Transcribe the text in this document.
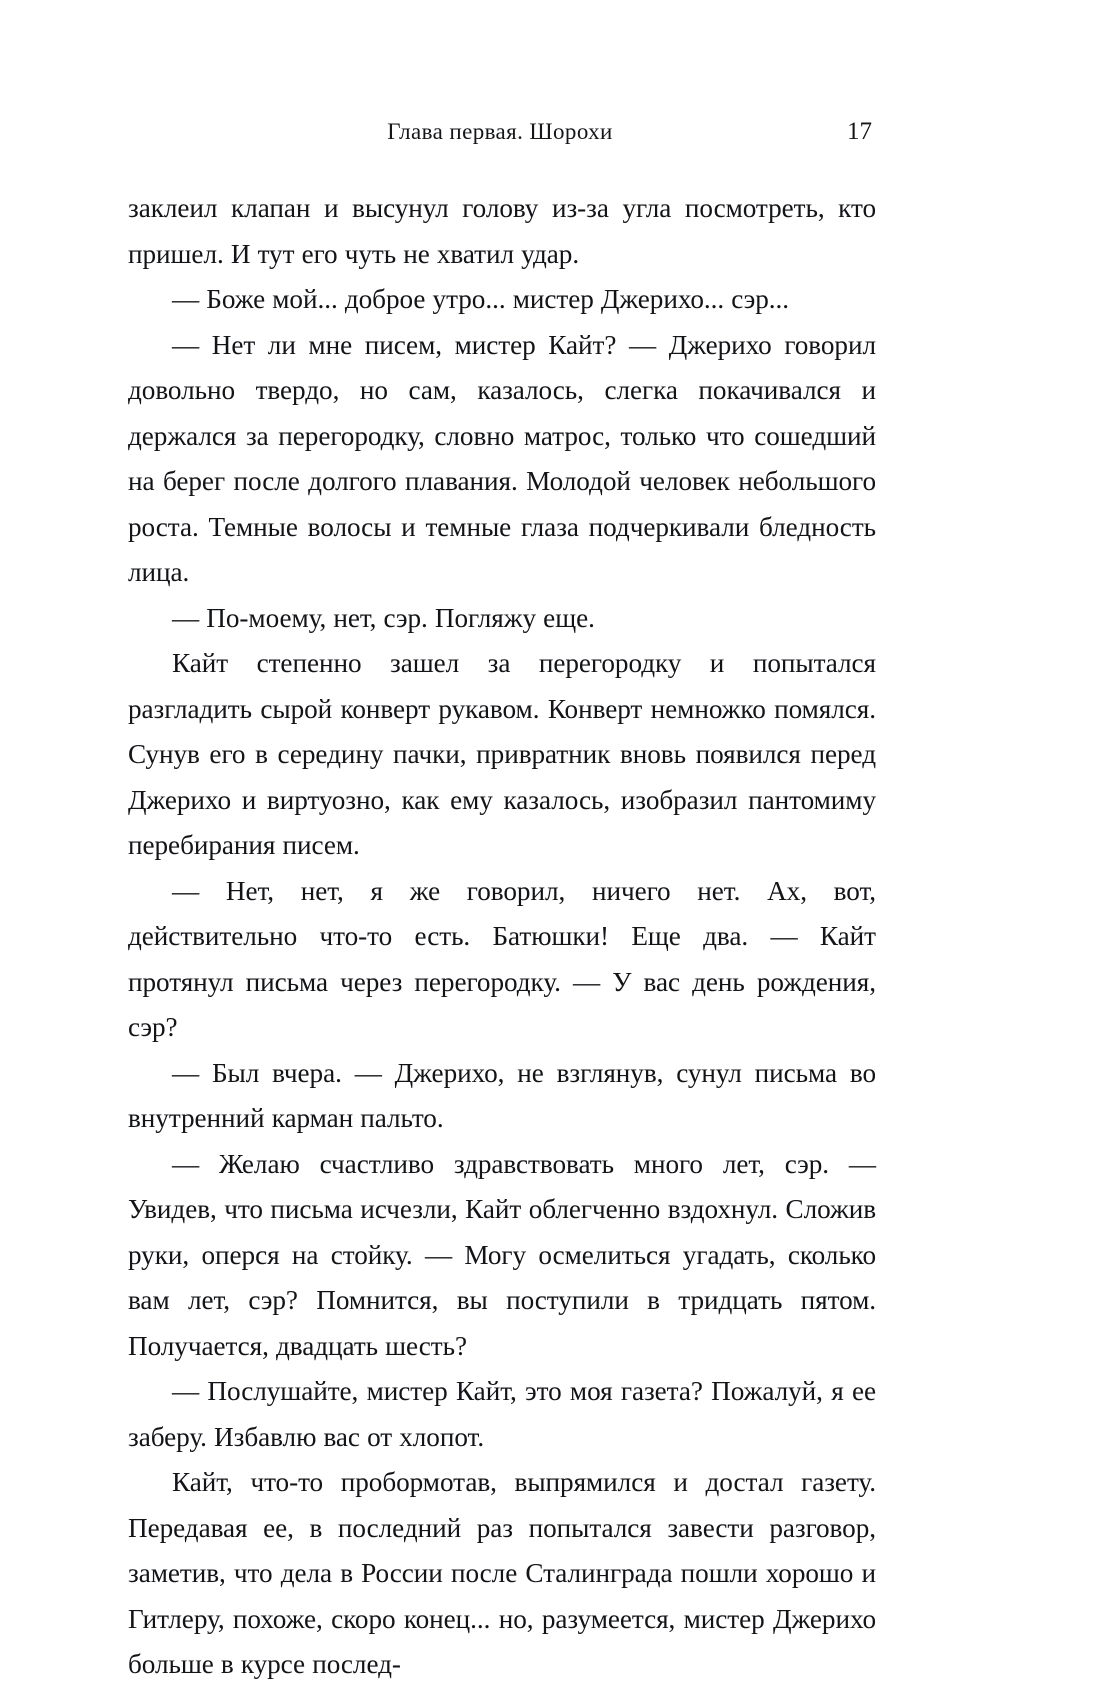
Глава первая. Шорохи	17

заклеил клапан и высунул голову из-за угла посмотреть, кто пришел. И тут его чуть не хватил удар.

— Боже мой... доброе утро... мистер Джерихо... сэр...

— Нет ли мне писем, мистер Кайт? — Джерихо говорил довольно твердо, но сам, казалось, слегка покачивался и держался за перегородку, словно матрос, только что сошедший на берег после долгого плавания. Молодой человек небольшого роста. Темные волосы и темные глаза подчеркивали бледность лица.

— По-моему, нет, сэр. Погляжу еще.

Кайт степенно зашел за перегородку и попытался разгладить сырой конверт рукавом. Конверт немножко помялся. Сунув его в середину пачки, привратник вновь появился перед Джерихо и виртуозно, как ему казалось, изобразил пантомиму перебирания писем.

— Нет, нет, я же говорил, ничего нет. Ах, вот, действительно что-то есть. Батюшки! Еще два. — Кайт протянул письма через перегородку. — У вас день рождения, сэр?

— Был вчера. — Джерихо, не взглянув, сунул письма во внутренний карман пальто.

— Желаю счастливо здравствовать много лет, сэр. — Увидев, что письма исчезли, Кайт облегченно вздохнул. Сложив руки, оперся на стойку. — Могу осмелиться угадать, сколько вам лет, сэр? Помнится, вы поступили в тридцать пятом. Получается, двадцать шесть?

— Послушайте, мистер Кайт, это моя газета? Пожалуй, я ее заберу. Избавлю вас от хлопот.

Кайт, что-то пробормотав, выпрямился и достал газету. Передавая ее, в последний раз попытался завести разговор, заметив, что дела в России после Сталинграда пошли хорошо и Гитлеру, похоже, скоро конец... но, разумеется, мистер Джерихо больше в курсе послед-
